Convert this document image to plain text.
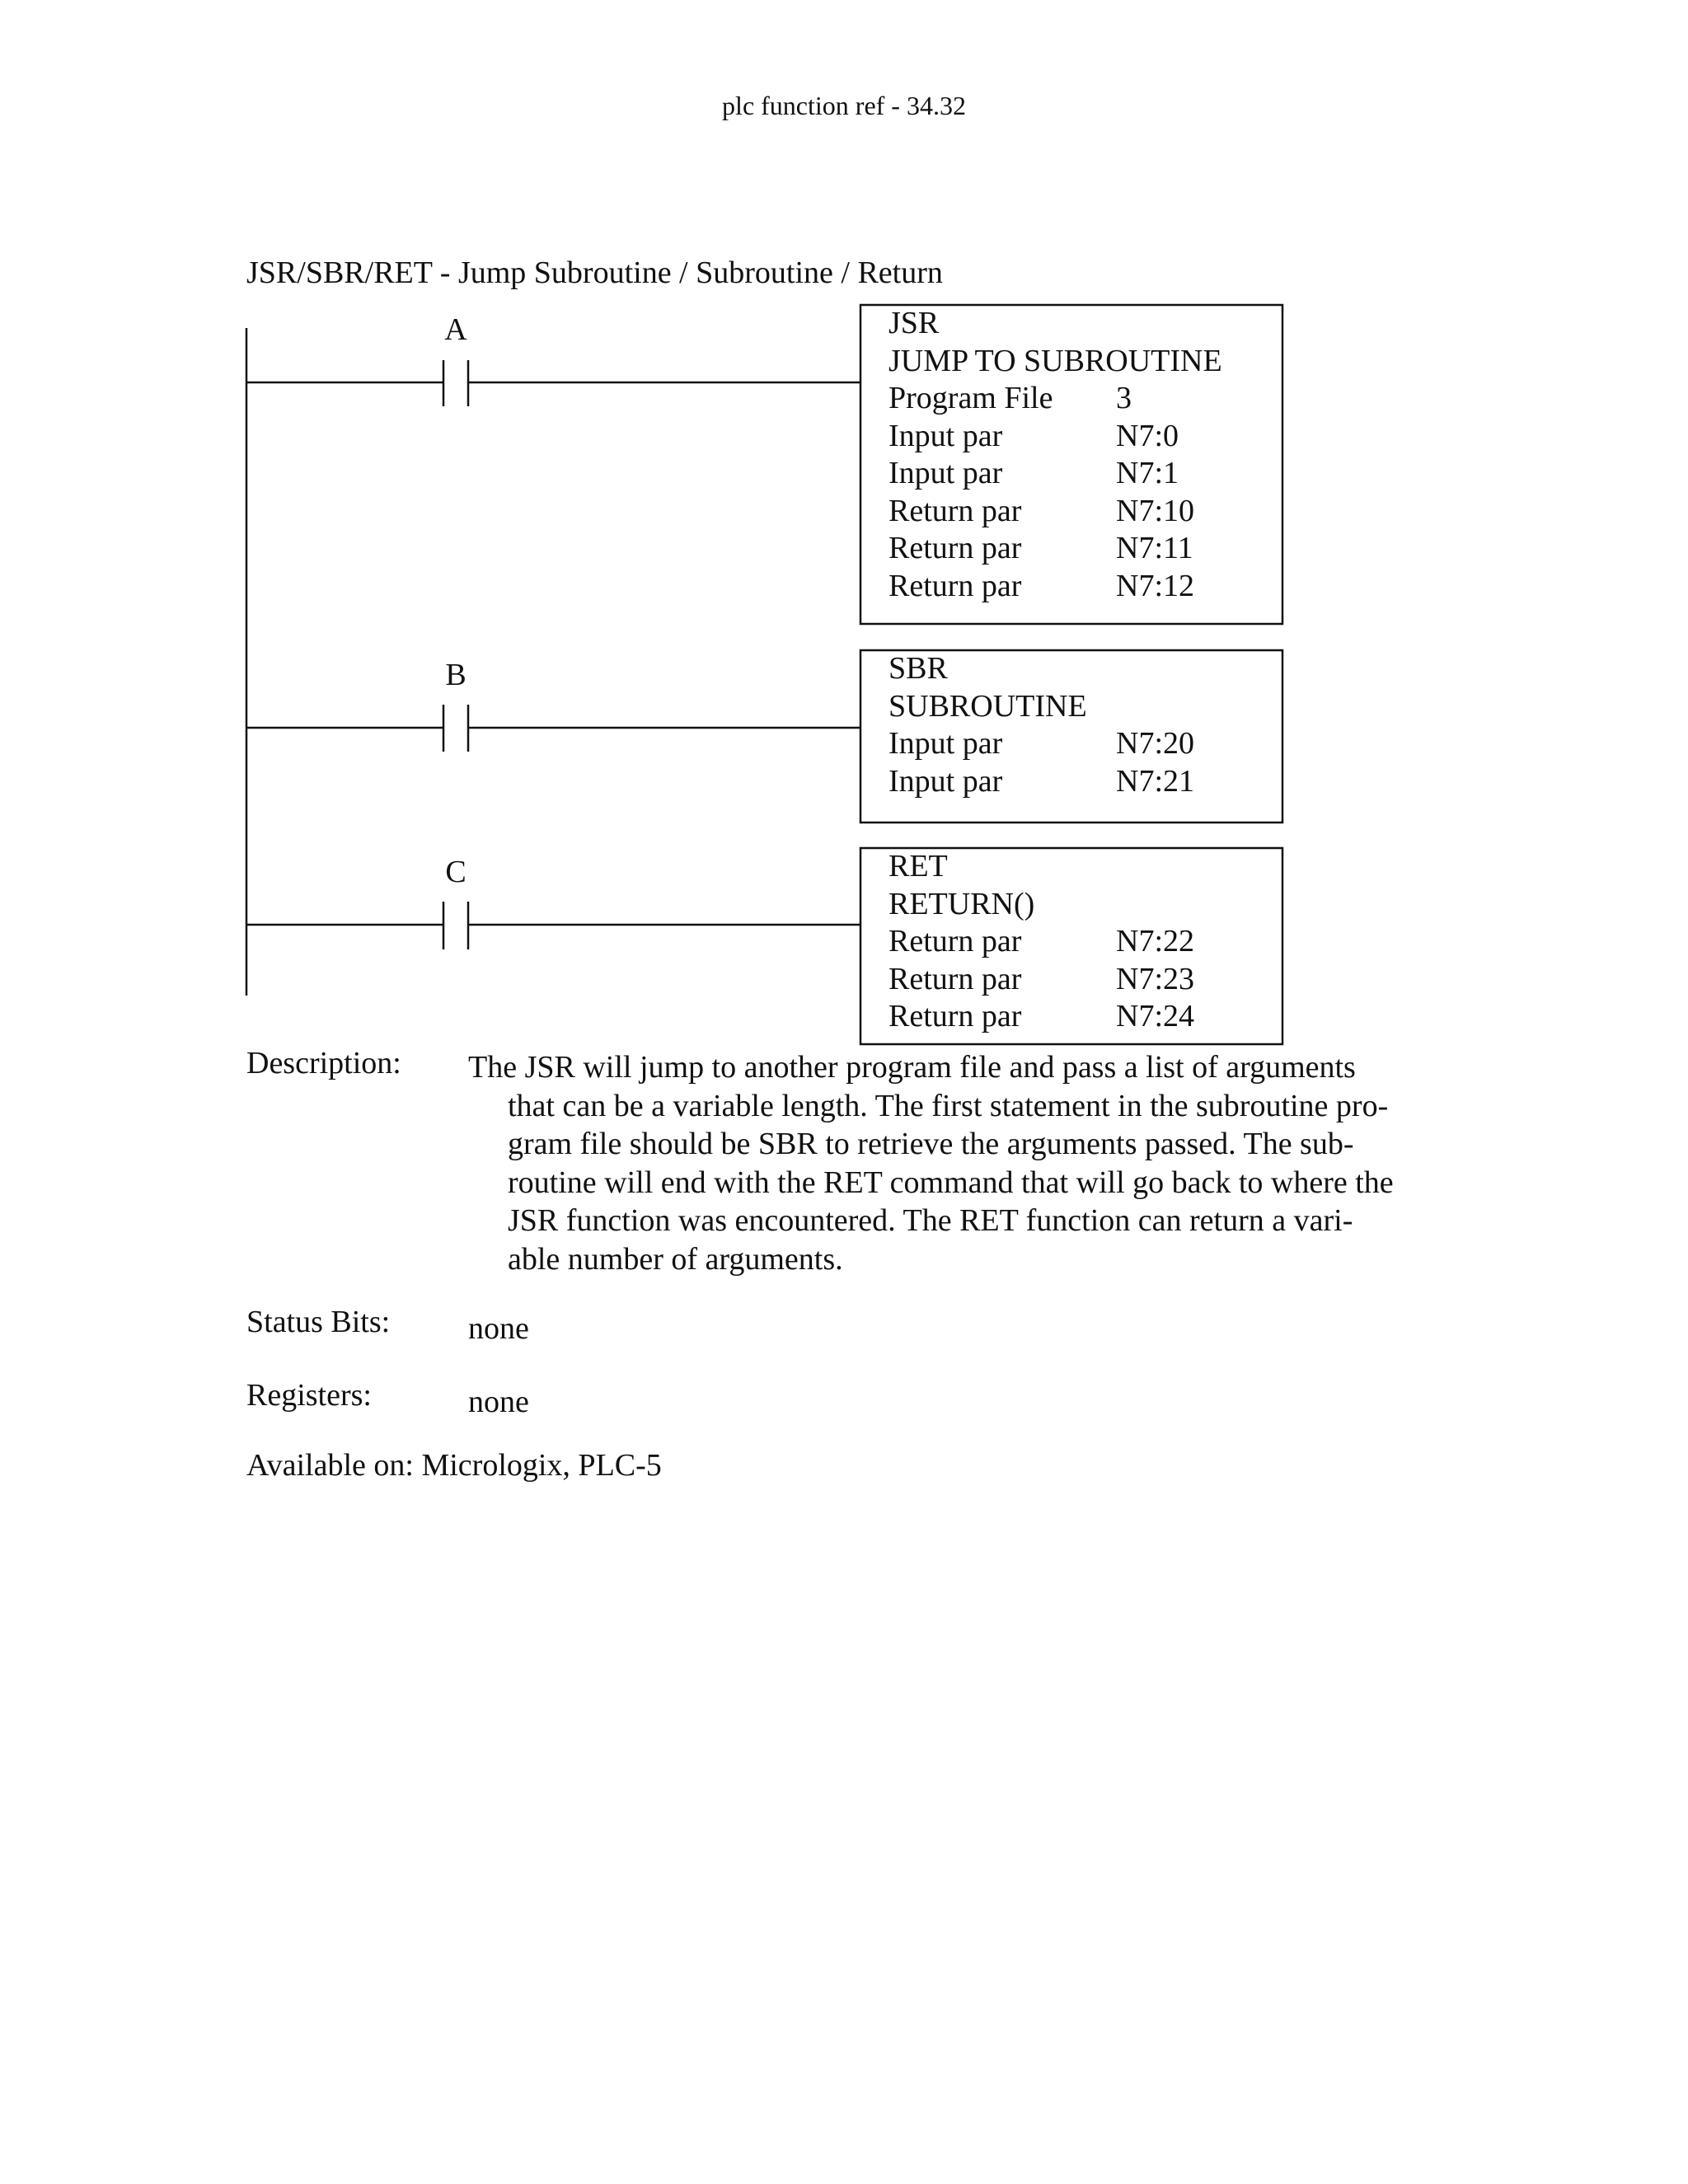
plc function ref - 34.32
JSR/SBR/RET - Jump Subroutine / Subroutine / Return
A
B
C
JSR
JUMP TO SUBROUTINE
Program File	3
Input par	N7:0
Input par	N7:1
Return par	N7:10
Return par	N7:11
Return par	N7:12
SBR
SUBROUTINE
Input par	N7:20
Input par	N7:21
RET
RETURN()
Return par	N7:22
Return par	N7:23
Return par	N7:24
Description: The JSR will jump to another program file and pass a list of arguments
that can be a variable length. The first statement in the subroutine pro-
gram file should be SBR to retrieve the arguments passed. The sub-
routine will end with the RET command that will go back to where the
JSR function was encountered. The RET function can return a vari-
able number of arguments.
Status Bits: none
Registers:	none
Available on: Micrologix, PLC-5
